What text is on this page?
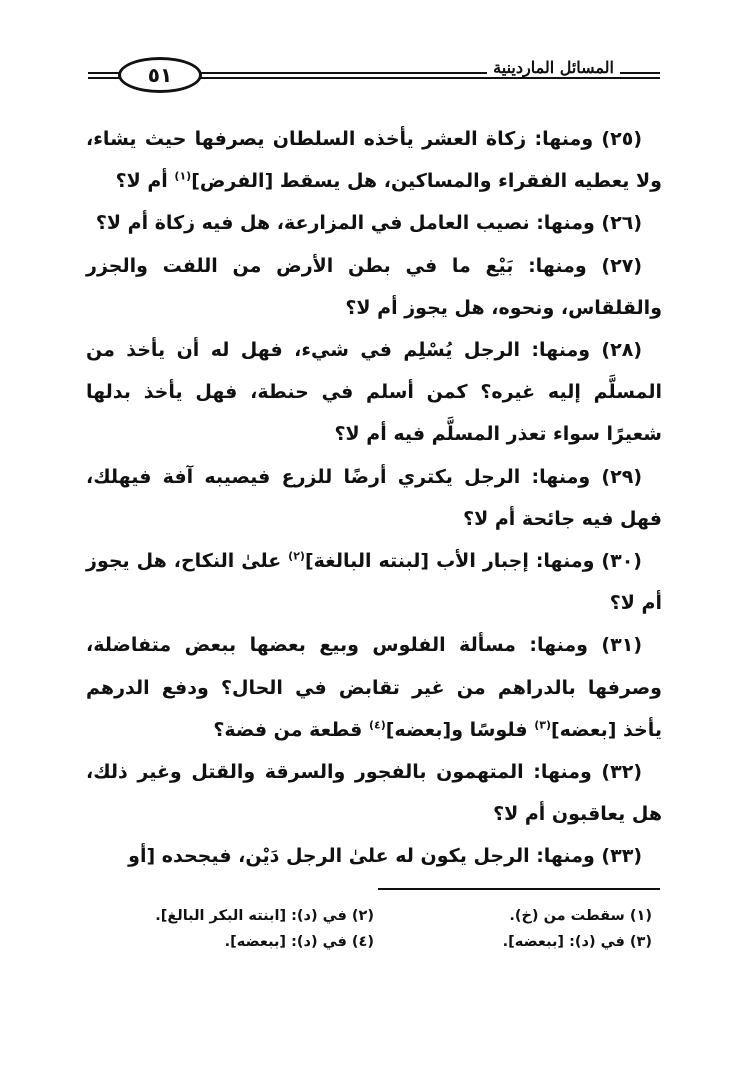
٥١	المسائل الماردينية

(٢٥) ومنها: زكاة العشر يأخذه السلطان يصرفها حيث يشاء، ولا يعطيه الفقراء والمساكين، هل يسقط [الفرض]$^{(١)}$ أم لا؟

(٢٦) ومنها: نصيب العامل في المزارعة، هل فيه زكاة أم لا؟

(٢٧) ومنها: بَيْع ما في بطن الأرض من اللفت والجزر والقلقاس، ونحوه، هل يجوز أم لا؟

(٢٨) ومنها: الرجل يُسْلِم في شيء، فهل له أن يأخذ من المسلَّم إليه غيره؟ كمن أسلم في حنطة، فهل يأخذ بدلها شعيرًا سواء تعذر المسلَّم فيه أم لا؟

(٢٩) ومنها: الرجل يكتري أرضًا للزرع فيصيبه آفة فيهلك، فهل فيه جائحة أم لا؟

(٣٠) ومنها: إجبار الأب [لبنته البالغة]$^{(٢)}$ علىٰ النكاح، هل يجوز أم لا؟

(٣١) ومنها: مسألة الفلوس وبيع بعضها ببعض متفاضلة، وصرفها بالدراهم من غير تقابض في الحال؟ ودفع الدرهم يأخذ [بعضه]$^{(٣)}$ فلوسًا و[بعضه]$^{(٤)}$ قطعة من فضة؟

(٣٢) ومنها: المتهمون بالفجور والسرقة والقتل وغير ذلك، هل يعاقبون أم لا؟

(٣٣) ومنها: الرجل يكون له علىٰ الرجل دَيْن، فيجحده [أو

(١) سقطت من (خ).
(٢) في (د): [ابنته البكر البالغ].
(٣) في (د): [ببعضه].
(٤) في (د): [ببعضه].
